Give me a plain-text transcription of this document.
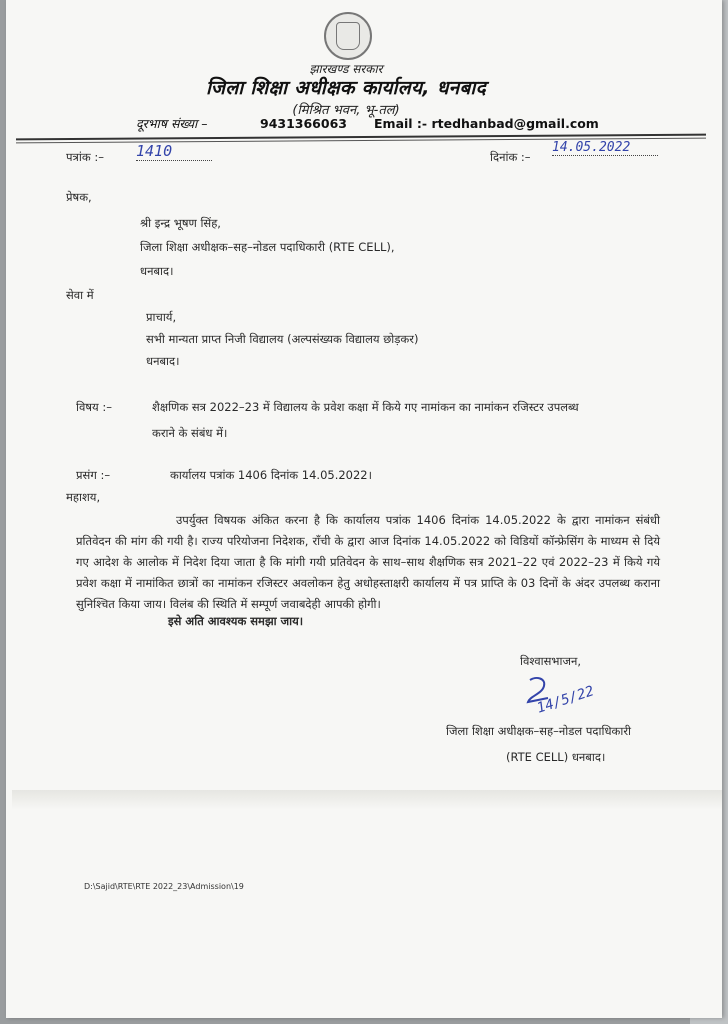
झारखण्ड सरकार
जिला शिक्षा अधीक्षक कार्यालय, धनबाद
(मिश्रित भवन, भू-तल)
दूरभाष संख्या –	9431366063 Email :- rtedhanbad@gmail.com
पत्रांक :– 1410	दिनांक :–
14.05.2022
प्रेषक,
श्री इन्द्र भूषण सिंह,
जिला शिक्षा अधीक्षक–सह–नोडल पदाधिकारी (RTE CELL),
धनबाद।
सेवा में
प्राचार्य,
सभी मान्यता प्राप्त निजी विद्यालय (अल्पसंख्यक विद्यालय छोड़कर)
धनबाद।
विषय :–	शैक्षणिक सत्र 2022–23 में विद्यालय के प्रवेश कक्षा में किये गए नामांकन का नामांकन रजिस्टर उपलब्ध
कराने के संबंध में।
प्रसंग :–	कार्यालय पत्रांक 1406 दिनांक 14.05.2022।
महाशय,
उपर्युक्त विषयक अंकित करना है कि कार्यालय पत्रांक 1406 दिनांक 14.05.2022 के द्वारा नामांकन संबंधी प्रतिवेदन की मांग की गयी है। राज्य परियोजना निदेशक, राँची के द्वारा आज दिनांक 14.05.2022 को विडियों कॉन्फ्रेसिंग के माध्यम से दिये गए आदेश के आलोक में निदेश दिया जाता है कि मांगी गयी प्रतिवेदन के साथ–साथ शैक्षणिक सत्र 2021–22 एवं 2022–23 में किये गये प्रवेश कक्षा में नामांकित छात्रों का नामांकन रजिस्टर अवलोकन हेतु अधोहस्ताक्षरी कार्यालय में पत्र प्राप्ति के 03 दिनों के अंदर उपलब्ध कराना सुनिश्चित किया जाय। विलंब की स्थिति में सम्पूर्ण जवाबदेही आपकी होगी।
इसे अति आवश्यक समझा जाय।
विश्वासभाजन,
14/5/22
जिला शिक्षा अधीक्षक–सह–नोडल पदाधिकारी
(RTE CELL) धनबाद।
D:\Sajid\RTE\RTE 2022_23\Admission\19
